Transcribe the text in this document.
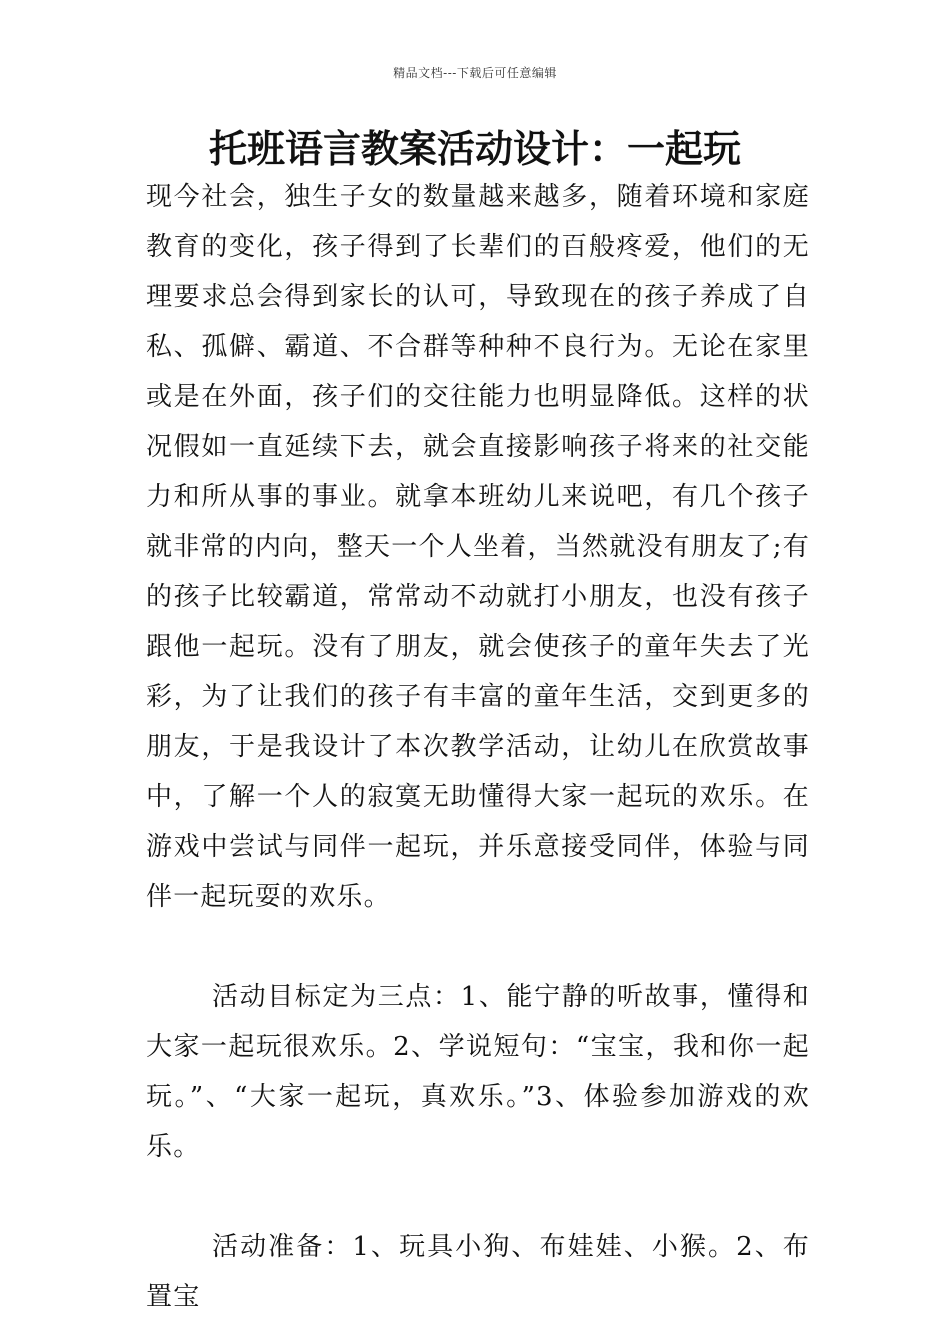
精品文档---下载后可任意编辑
托班语言教案活动设计：一起玩

现今社会，独生子女的数量越来越多，随着环境和家庭教育的变化，孩子得到了长辈们的百般疼爱，他们的无理要求总会得到家长的认可，导致现在的孩子养成了自私、孤僻、霸道、不合群等种种不良行为。无论在家里或是在外面，孩子们的交往能力也明显降低。这样的状况假如一直延续下去，就会直接影响孩子将来的社交能力和所从事的事业。就拿本班幼儿来说吧，有几个孩子就非常的内向，整天一个人坐着，当然就没有朋友了;有的孩子比较霸道，常常动不动就打小朋友，也没有孩子跟他一起玩。没有了朋友，就会使孩子的童年失去了光彩，为了让我们的孩子有丰富的童年生活，交到更多的朋友，于是我设计了本次教学活动，让幼儿在欣赏故事中，了解一个人的寂寞无助懂得大家一起玩的欢乐。在游戏中尝试与同伴一起玩，并乐意接受同伴，体验与同伴一起玩耍的欢乐。

活动目标定为三点：1、能宁静的听故事，懂得和大家一起玩很欢乐。2、学说短句：“宝宝，我和你一起玩。”、“大家一起玩，真欢乐。”3、体验参加游戏的欢乐。

活动准备：1、玩具小狗、布娃娃、小猴。2、布置宝
